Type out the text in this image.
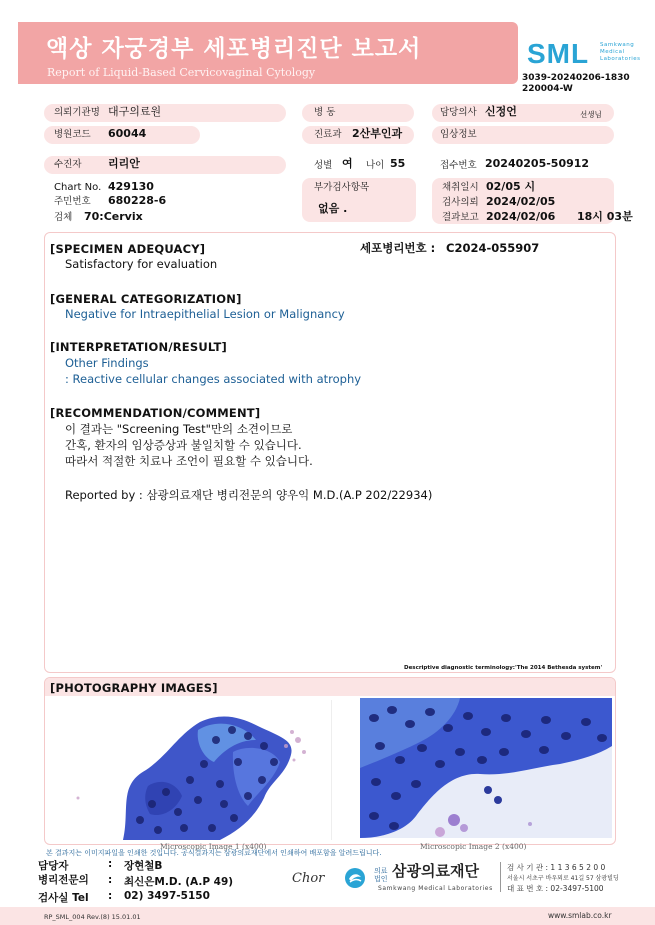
액상 자궁경부 세포병리진단 보고서
Report of Liquid-Based Cervicovaginal Cytology
SML Samkwang Medical Laboratories
3039-20240206-1830
220004-W
의뢰기관명 대구의료원	병 동	담당의사 신정언	선생님
병원코드 60044	진료과 2산부인과	임상정보
수진자 리리안	성별 여 나이 55	접수번호 20240205-50912
Chart No. 429130
주민번호 680228-6
검체 70:Cervix
부가검사항목
없음 .
채취일시 02/05 시
검사의뢰 2024/02/05
결과보고 2024/02/06 18시 03분
[SPECIMEN ADEQUACY]	세포병리번호 : C2024-055907
Satisfactory for evaluation
[GENERAL CATEGORIZATION]
Negative for Intraepithelial Lesion or Malignancy
[INTERPRETATION/RESULT]
Other Findings
: Reactive cellular changes associated with atrophy
[RECOMMENDATION/COMMENT]
이 결과는 "Screening Test"만의 소견이므로
간혹, 환자의 임상증상과 불일치할 수 있습니다.
따라서 적절한 치료나 조언이 필요할 수 있습니다.
Reported by : 삼광의료재단 병리전문의 양우익 M.D.(A.P 202/22934)
Descriptive diagnostic terminology:'The 2014 Bethesda system'
[PHOTOGRAPHY IMAGES]
Microscopic Image 1 (x400)	Microscopic Image 2 (x400)
본 결과지는 이미지파일을 인쇄한 것입니다. 공식결과지는 삼광의료재단에서 인쇄하여 배포함을 알려드립니다.
담당자	: 장현철B
병리전문의 : 최신은M.D. (A.P 49)
검사실 Tel : 02) 3497-5150
Chor	의료
법인 삼광의료재단
Samkwang Medical Laboratories
검 사 기 관 : 1 1 3 6 5 2 0 0
서울시 서초구 바우뫼로 41길 57 삼광빌딩
대 표 번 호 : 02-3497-5100
RP_SML_004 Rev.(8) 15.01.01	www.smlab.co.kr
